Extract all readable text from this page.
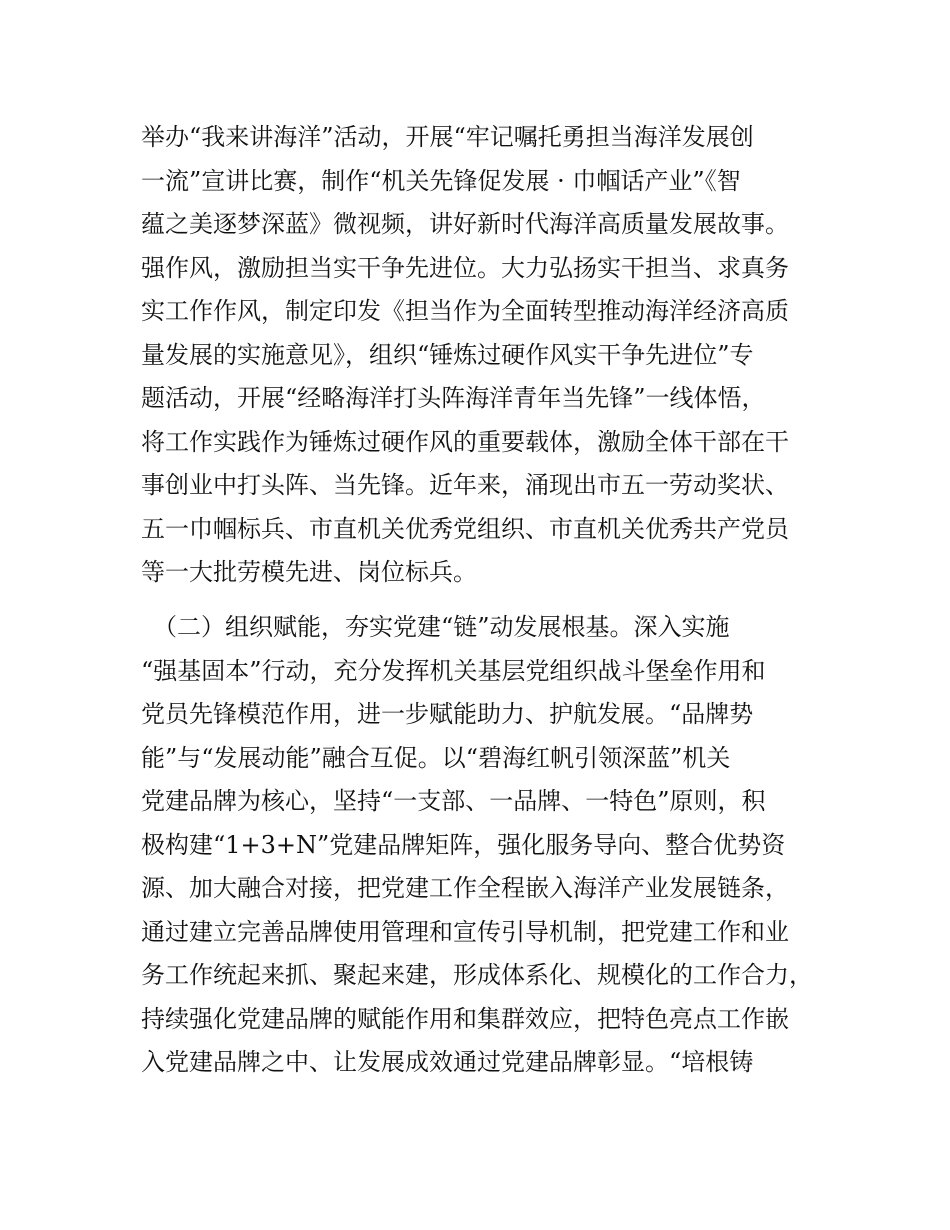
举办“我来讲海洋”活动，开展“牢记嘱托勇担当海洋发展创
一流”宣讲比赛，制作“机关先锋促发展 · 巾帼话产业”《智
蕴之美逐梦深蓝》微视频，讲好新时代海洋高质量发展故事。
强作风，激励担当实干争先进位。大力弘扬实干担当、求真务
实工作作风，制定印发《担当作为全面转型推动海洋经济高质
量发展的实施意见》，组织“锤炼过硬作风实干争先进位”专
题活动，开展“经略海洋打头阵海洋青年当先锋”一线体悟，
将工作实践作为锤炼过硬作风的重要载体，激励全体干部在干
事创业中打头阵、当先锋。近年来，涌现出市五一劳动奖状、
五一巾帼标兵、市直机关优秀党组织、市直机关优秀共产党员
等一大批劳模先进、岗位标兵。
　（二）组织赋能，夯实党建“链”动发展根基。深入实施
“强基固本”行动，充分发挥机关基层党组织战斗堡垒作用和
党员先锋模范作用，进一步赋能助力、护航发展。“品牌势
能”与“发展动能”融合互促。以“碧海红帆引领深蓝”机关
党建品牌为核心，坚持“一支部、一品牌、一特色”原则，积
极构建“1+3+N”党建品牌矩阵，强化服务导向、整合优势资
源、加大融合对接，把党建工作全程嵌入海洋产业发展链条，
通过建立完善品牌使用管理和宣传引导机制，把党建工作和业
务工作统起来抓、聚起来建，形成体系化、规模化的工作合力，
持续强化党建品牌的赋能作用和集群效应，把特色亮点工作嵌
入党建品牌之中、让发展成效通过党建品牌彰显。“培根铸
